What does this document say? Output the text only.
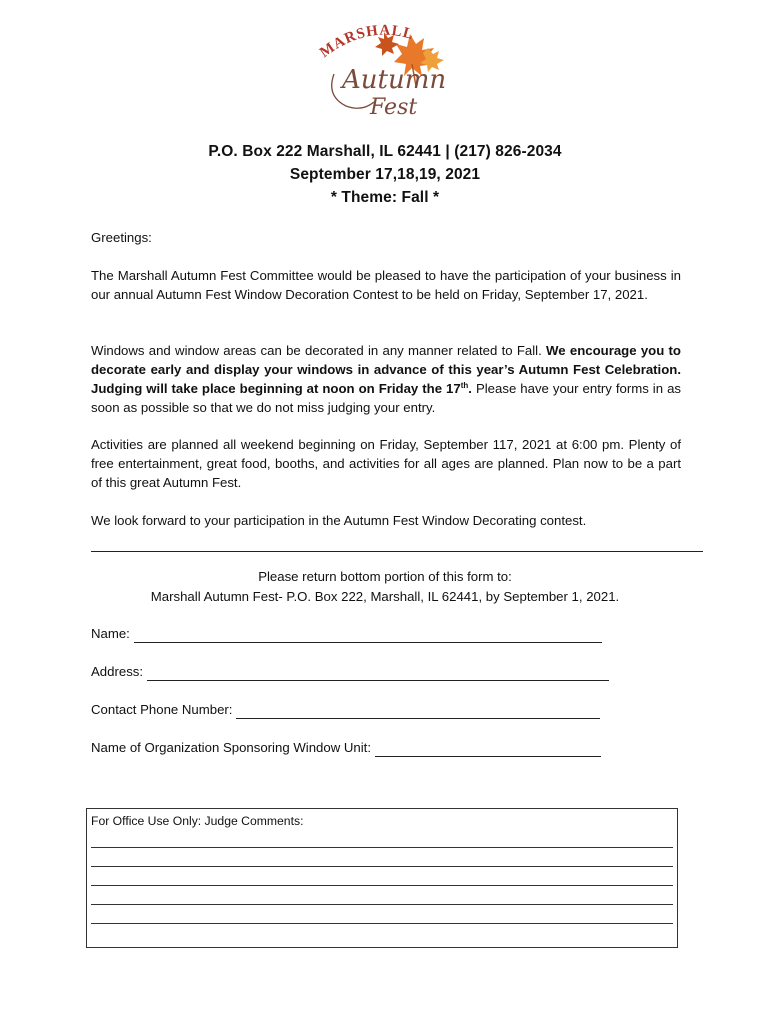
MARSHALL
Autumn
Fest
P.O. Box 222 Marshall, IL 62441 | (217) 826-2034
September 17,18,19, 2021
* Theme: Fall *
Greetings:
The Marshall Autumn Fest Committee would be pleased to have the participation of your business in our annual Autumn Fest Window Decoration Contest to be held on Friday, September 17, 2021.
Windows and window areas can be decorated in any manner related to Fall. We encourage you to decorate early and display your windows in advance of this year’s Autumn Fest Celebration. Judging will take place beginning at noon on Friday the 17th. Please have your entry forms in as soon as possible so that we do not miss judging your entry.
Activities are planned all weekend beginning on Friday, September 117, 2021 at 6:00 pm. Plenty of free entertainment, great food, booths, and activities for all ages are planned. Plan now to be a part of this great Autumn Fest.
We look forward to your participation in the Autumn Fest Window Decorating contest.
Please return bottom portion of this form to:
Marshall Autumn Fest- P.O. Box 222, Marshall, IL 62441, by September 1, 2021.
Name:
Address:
Contact Phone Number:
Name of Organization Sponsoring Window Unit:
For Office Use Only: Judge Comments:
